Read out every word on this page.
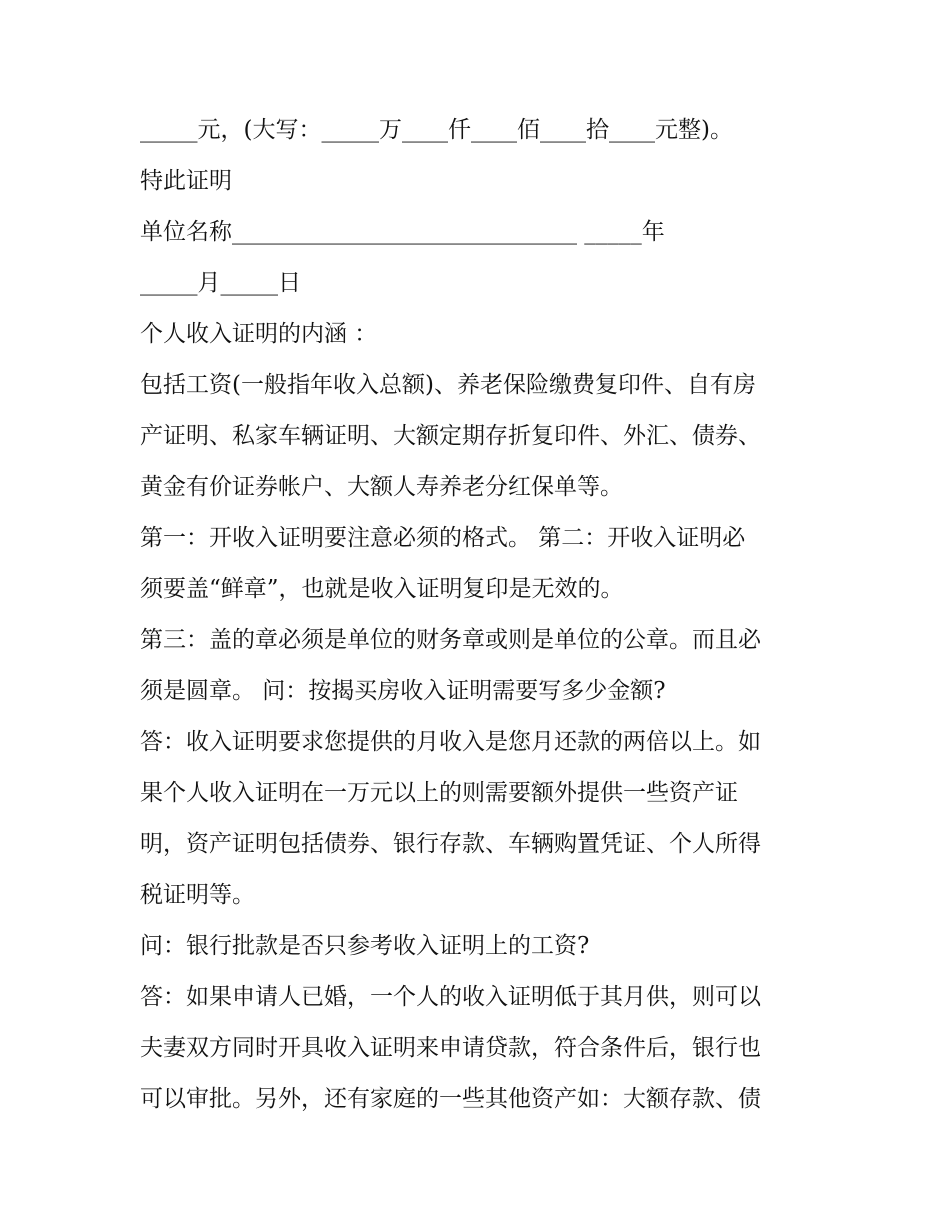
_____元，(大写：_____万____仟____佰____拾____元整)。
特此证明
单位名称______________________________ _____年
_____月_____日
个人收入证明的内涵 ：
包括工资(一般指年收入总额)、养老保险缴费复印件、自有房
产证明、私家车辆证明、大额定期存折复印件、外汇、债券、
黄金有价证券帐户、大额人寿养老分红保单等。
第一：开收入证明要注意必须的格式。 第二：开收入证明必
须要盖“鲜章”，也就是收入证明复印是无效的。
第三：盖的章必须是单位的财务章或则是单位的公章。而且必
须是圆章。 问：按揭买房收入证明需要写多少金额?
答：收入证明要求您提供的月收入是您月还款的两倍以上。如
果个人收入证明在一万元以上的则需要额外提供一些资产证
明，资产证明包括债券、银行存款、车辆购置凭证、个人所得
税证明等。
问：银行批款是否只参考收入证明上的工资?
答：如果申请人已婚，一个人的收入证明低于其月供，则可以
夫妻双方同时开具收入证明来申请贷款，符合条件后，银行也
可以审批。另外，还有家庭的一些其他资产如：大额存款、债
